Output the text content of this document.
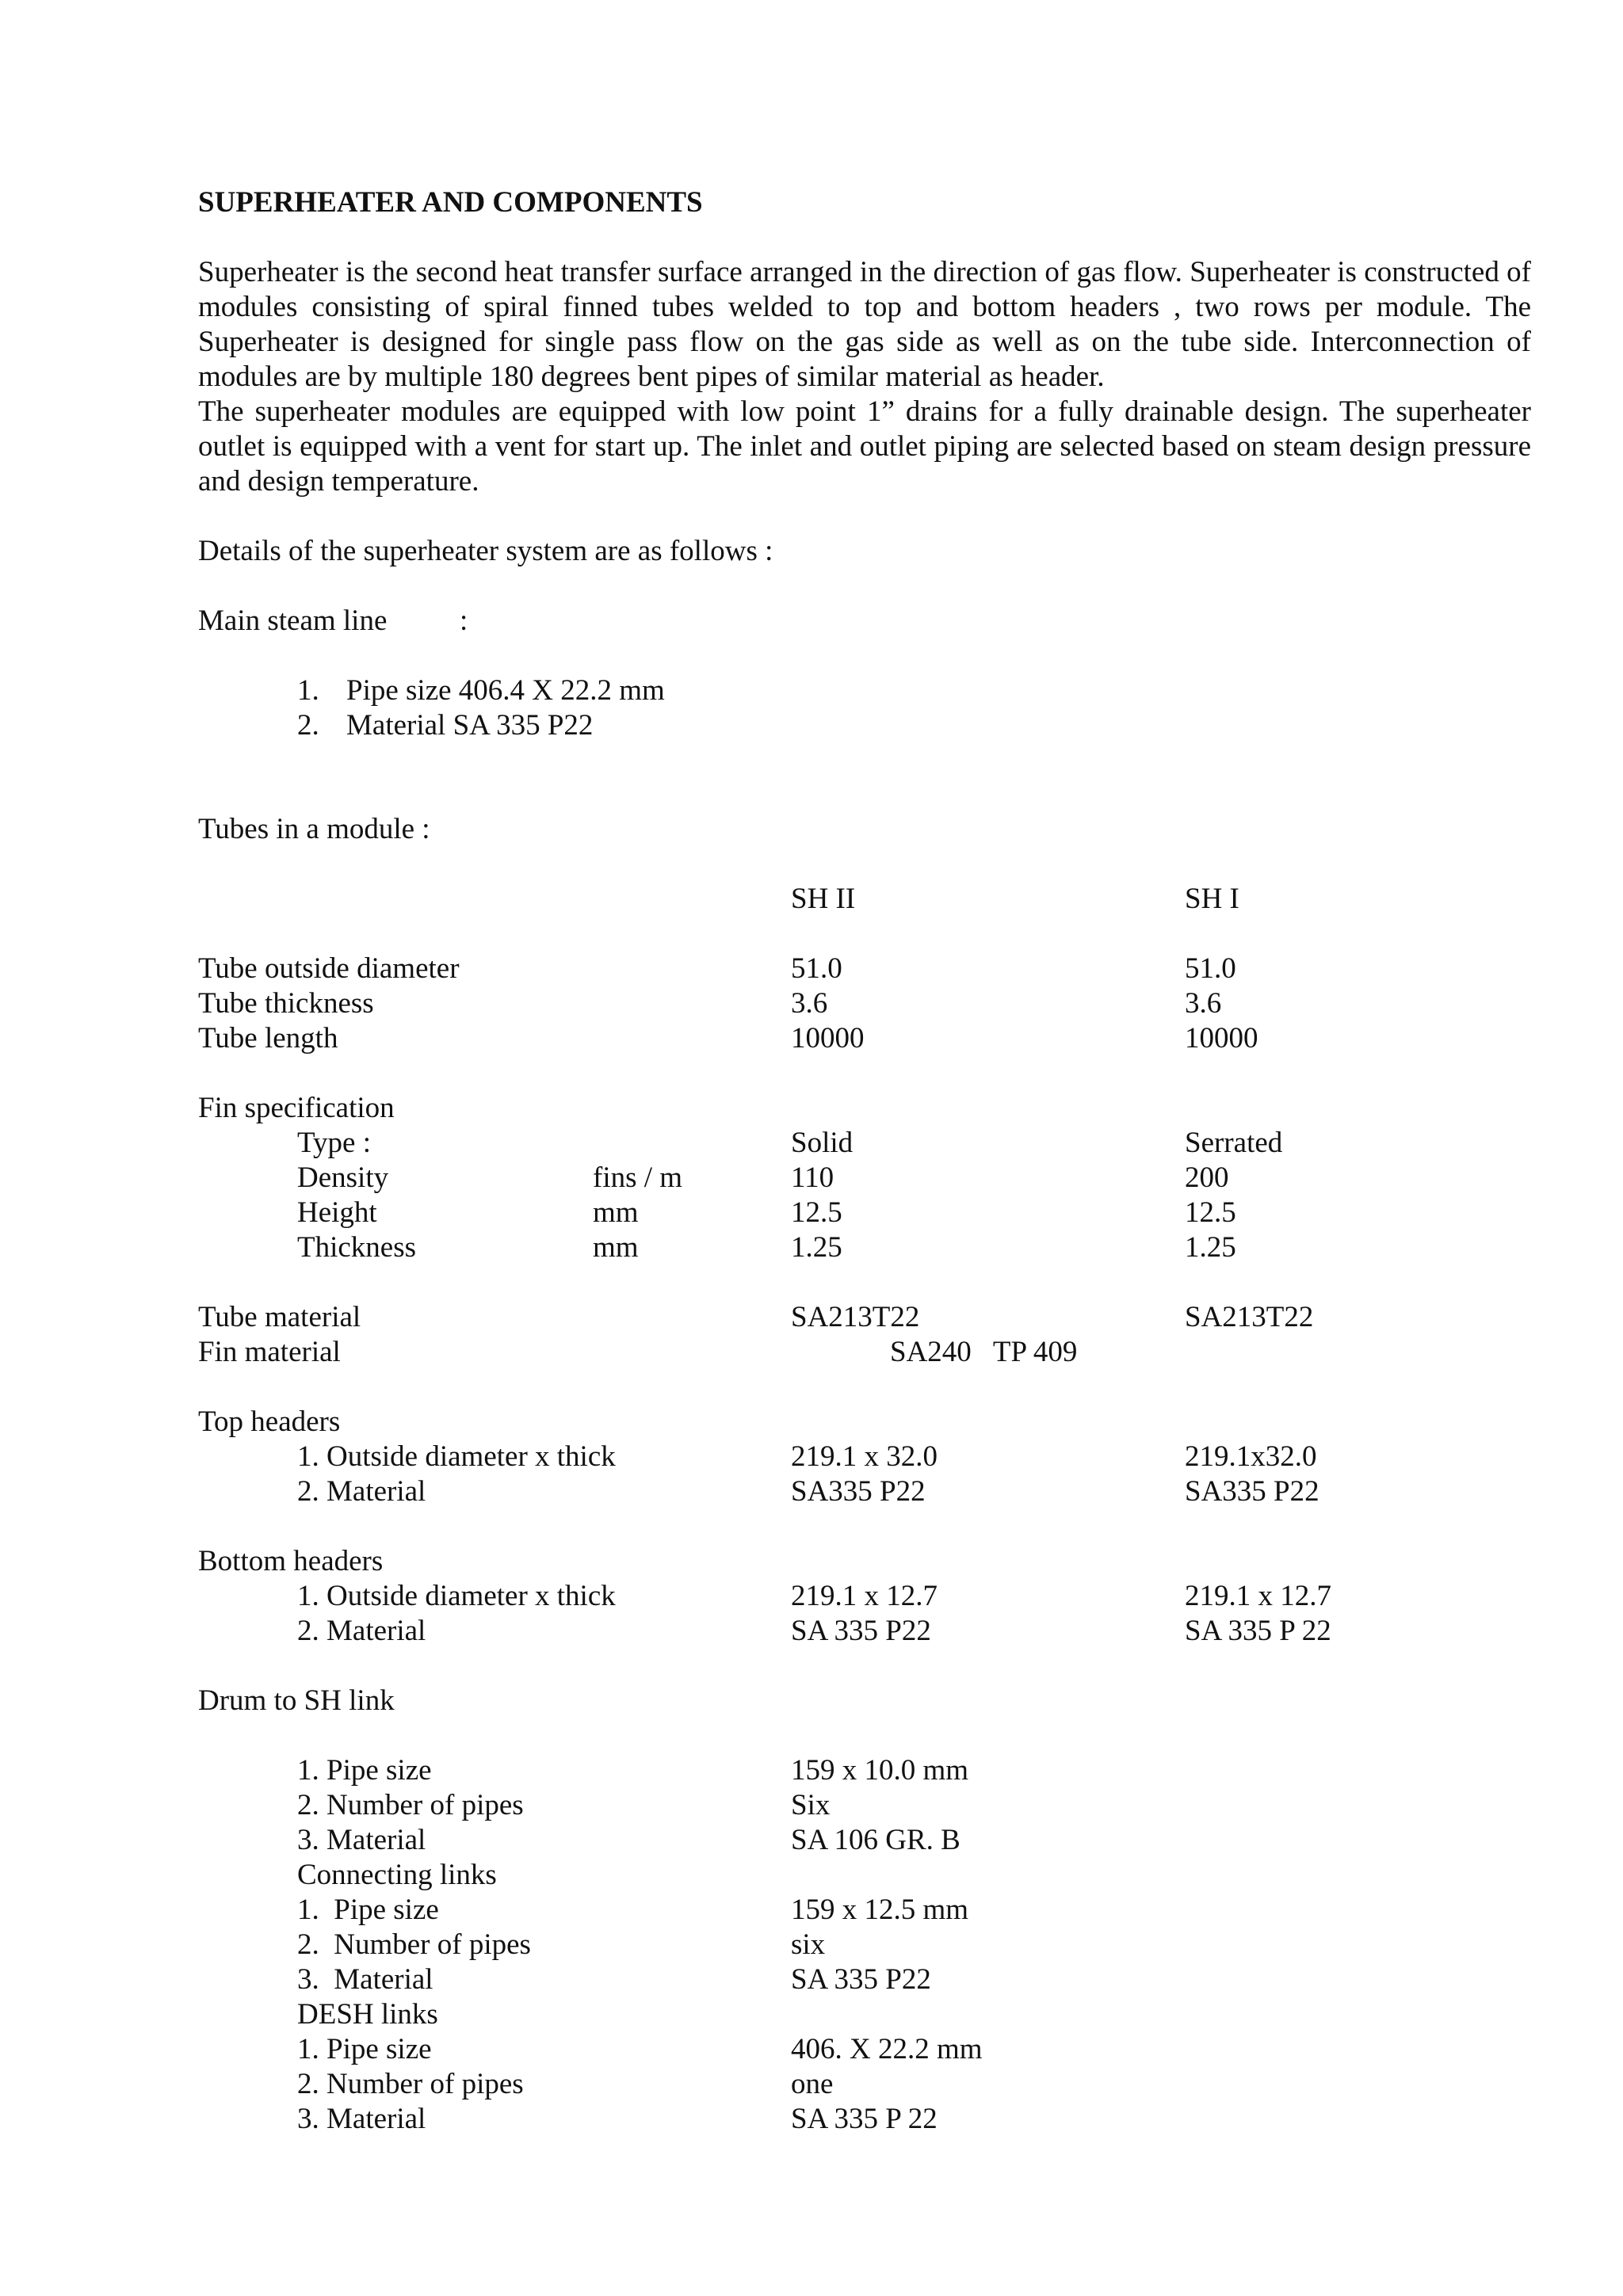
SUPERHEATER AND COMPONENTS
Superheater is the second heat transfer surface arranged in the direction of gas flow. Superheater is constructed of modules consisting of spiral finned tubes welded to top and bottom headers , two rows per module. The Superheater is designed for single pass flow on the gas side as well as on the tube side. Interconnection of modules are by multiple 180 degrees bent pipes of similar material as header.
The superheater modules are equipped with low point 1” drains for a fully drainable design. The superheater outlet is equipped with a vent for start up. The inlet and outlet piping are selected based on steam design pressure and design temperature.
Details of the superheater system are as follows :
Main steam line :
1. Pipe size 406.4 X 22.2 mm
2. Material SA 335 P22
Tubes in a module :
SH II	SH I
Tube outside diameter	51.0	51.0
Tube thickness	3.6	3.6
Tube length	10000	10000
Fin specification
Type :	Solid	Serrated
Density	fins / m	110	200
Height	mm	12.5	12.5
Thickness	mm	1.25	1.25
Tube material	SA213T22	SA213T22
Fin material	SA240   TP 409
Top headers
1. Outside diameter x thick	219.1 x 32.0	219.1x32.0
2. Material	SA335 P22	SA335 P22
Bottom headers
1. Outside diameter x thick	219.1 x 12.7	219.1 x 12.7
2. Material	SA 335 P22	SA 335 P 22
Drum to SH link
1. Pipe size	159 x 10.0 mm
2. Number of pipes	Six
3. Material	SA 106 GR. B
Connecting links
1.  Pipe size	159 x 12.5 mm
2.  Number of pipes	six
3.  Material	SA 335 P22
DESH links
1. Pipe size	406. X 22.2 mm
2. Number of pipes	one
3. Material	SA 335 P 22
